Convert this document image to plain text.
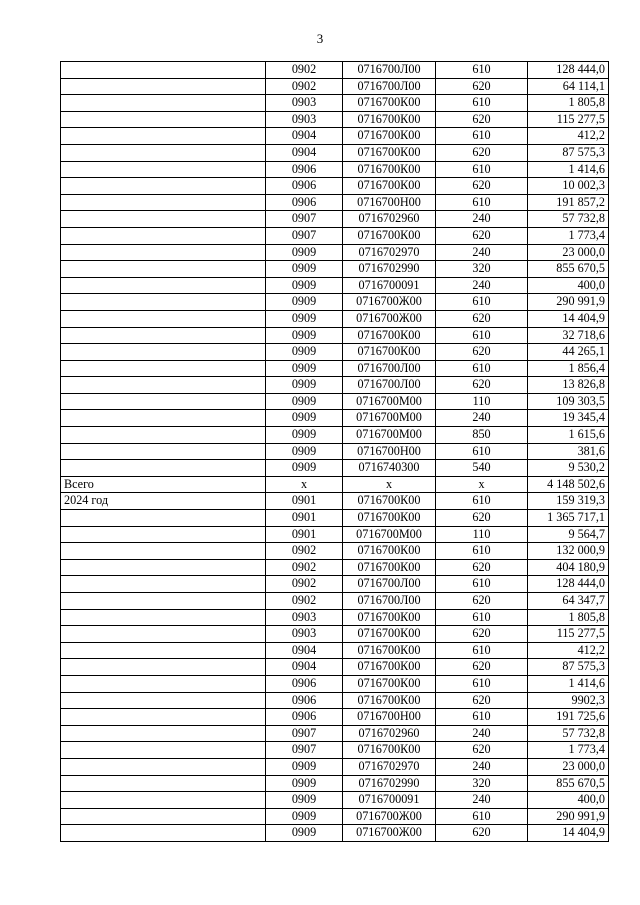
3
	0902	0716700Л00	610	128 444,0
	0902	0716700Л00	620	64 114,1
	0903	0716700К00	610	1 805,8
	0903	0716700К00	620	115 277,5
	0904	0716700К00	610	412,2
	0904	0716700К00	620	87 575,3
	0906	0716700К00	610	1 414,6
	0906	0716700К00	620	10 002,3
	0906	0716700Н00	610	191 857,2
	0907	0716702960	240	57 732,8
	0907	0716700К00	620	1 773,4
	0909	0716702970	240	23 000,0
	0909	0716702990	320	855 670,5
	0909	0716700091	240	400,0
	0909	0716700Ж00	610	290 991,9
	0909	0716700Ж00	620	14 404,9
	0909	0716700К00	610	32 718,6
	0909	0716700К00	620	44 265,1
	0909	0716700Л00	610	1 856,4
	0909	0716700Л00	620	13 826,8
	0909	0716700М00	110	109 303,5
	0909	0716700М00	240	19 345,4
	0909	0716700М00	850	1 615,6
	0909	0716700Н00	610	381,6
	0909	0716740300	540	9 530,2
Всего	х	х	х	4 148 502,6
2024 год	0901	0716700К00	610	159 319,3
	0901	0716700К00	620	1 365 717,1
	0901	0716700М00	110	9 564,7
	0902	0716700К00	610	132 000,9
	0902	0716700К00	620	404 180,9
	0902	0716700Л00	610	128 444,0
	0902	0716700Л00	620	64 347,7
	0903	0716700К00	610	1 805,8
	0903	0716700К00	620	115 277,5
	0904	0716700К00	610	412,2
	0904	0716700К00	620	87 575,3
	0906	0716700К00	610	1 414,6
	0906	0716700К00	620	9902,3
	0906	0716700Н00	610	191 725,6
	0907	0716702960	240	57 732,8
	0907	0716700К00	620	1 773,4
	0909	0716702970	240	23 000,0
	0909	0716702990	320	855 670,5
	0909	0716700091	240	400,0
	0909	0716700Ж00	610	290 991,9
	0909	0716700Ж00	620	14 404,9
